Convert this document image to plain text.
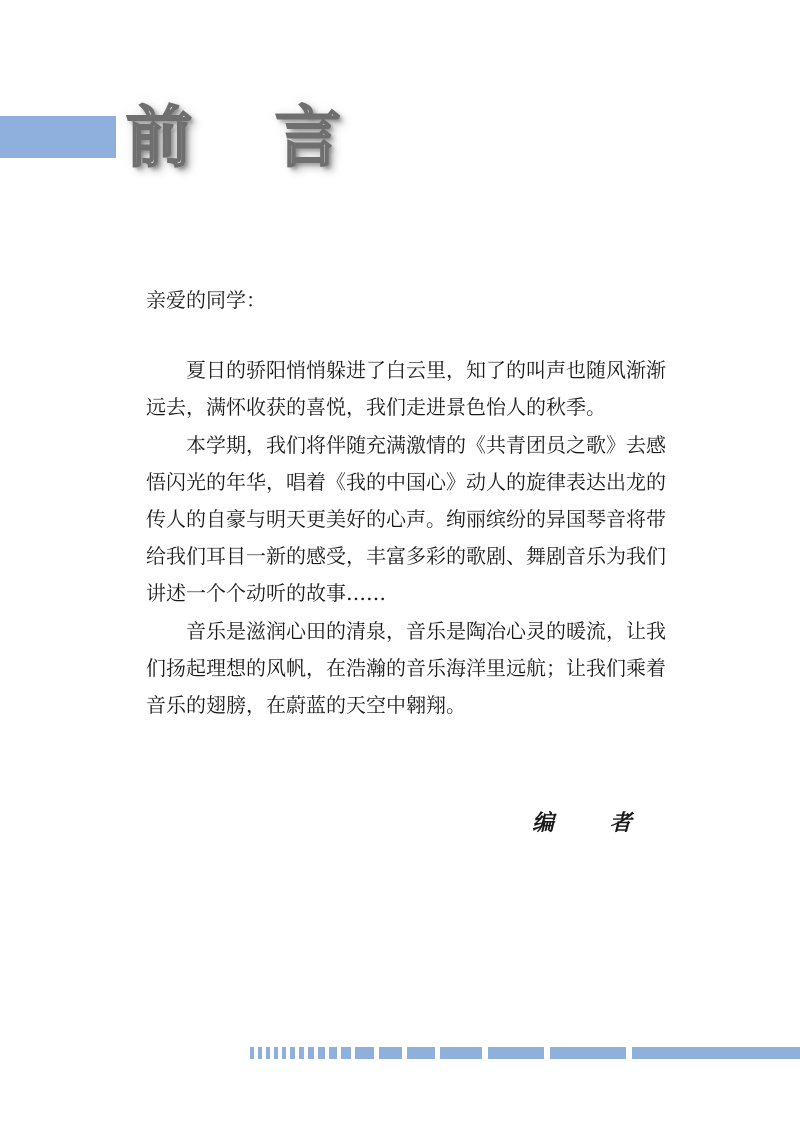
前 言

亲爱的同学：

夏日的骄阳悄悄躲进了白云里，知了的叫声也随风渐渐远去，满怀收获的喜悦，我们走进景色怡人的秋季。

本学期，我们将伴随充满激情的《共青团员之歌》去感悟闪光的年华，唱着《我的中国心》动人的旋律表达出龙的传人的自豪与明天更美好的心声。绚丽缤纷的异国琴音将带给我们耳目一新的感受，丰富多彩的歌剧、舞剧音乐为我们讲述一个个动听的故事……

音乐是滋润心田的清泉，音乐是陶冶心灵的暖流，让我们扬起理想的风帆，在浩瀚的音乐海洋里远航；让我们乘着音乐的翅膀，在蔚蓝的天空中翱翔。

编 者
